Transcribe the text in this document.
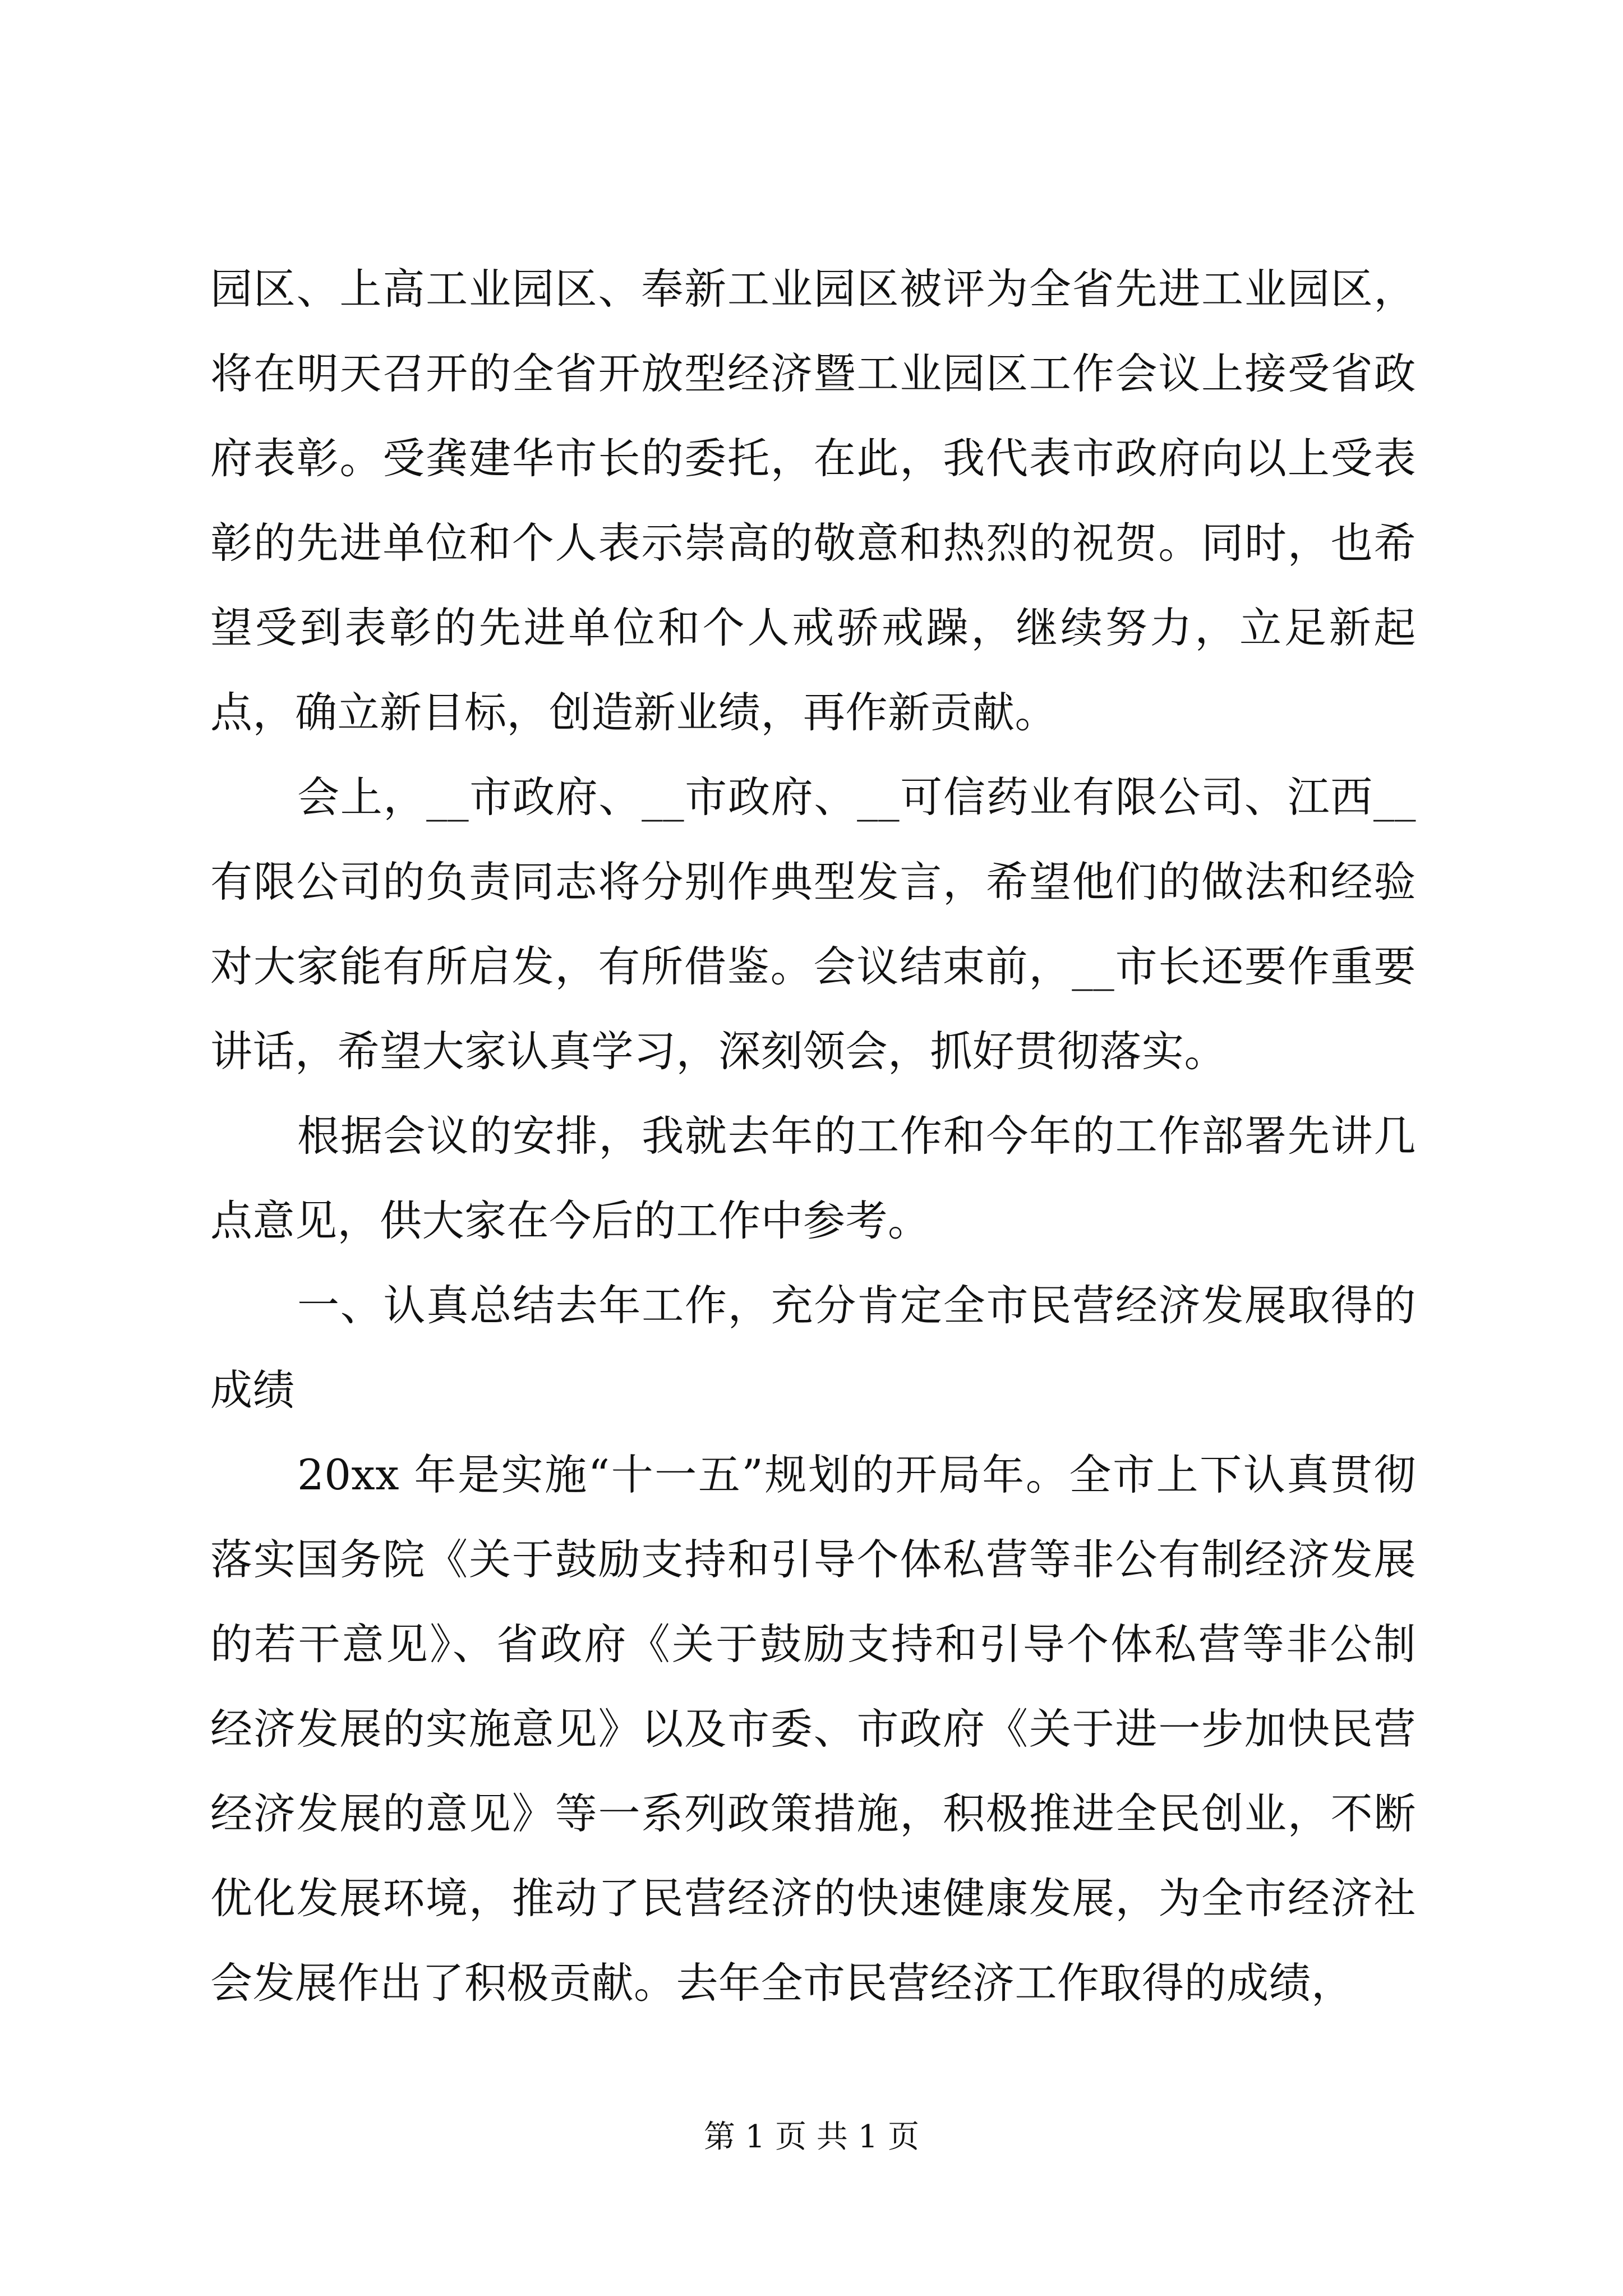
园区、上高工业园区、奉新工业园区被评为全省先进工业园区，将在明天召开的全省开放型经济暨工业园区工作会议上接受省政府表彰。受龚建华市长的委托，在此，我代表市政府向以上受表彰的先进单位和个人表示崇高的敬意和热烈的祝贺。同时，也希望受到表彰的先进单位和个人戒骄戒躁，继续努力，立足新起点，确立新目标，创造新业绩，再作新贡献。

会上，__市政府、__市政府、__可信药业有限公司、江西__有限公司的负责同志将分别作典型发言，希望他们的做法和经验对大家能有所启发，有所借鉴。会议结束前，__市长还要作重要讲话，希望大家认真学习，深刻领会，抓好贯彻落实。

根据会议的安排，我就去年的工作和今年的工作部署先讲几点意见，供大家在今后的工作中参考。

一、认真总结去年工作，充分肯定全市民营经济发展取得的成绩

20xx 年是实施“十一五”规划的开局年。全市上下认真贯彻落实国务院《关于鼓励支持和引导个体私营等非公有制经济发展的若干意见》、省政府《关于鼓励支持和引导个体私营等非公制经济发展的实施意见》以及市委、市政府《关于进一步加快民营经济发展的意见》等一系列政策措施，积极推进全民创业，不断优化发展环境，推动了民营经济的快速健康发展，为全市经济社会发展作出了积极贡献。去年全市民营经济工作取得的成绩，

第 1 页 共 1 页
